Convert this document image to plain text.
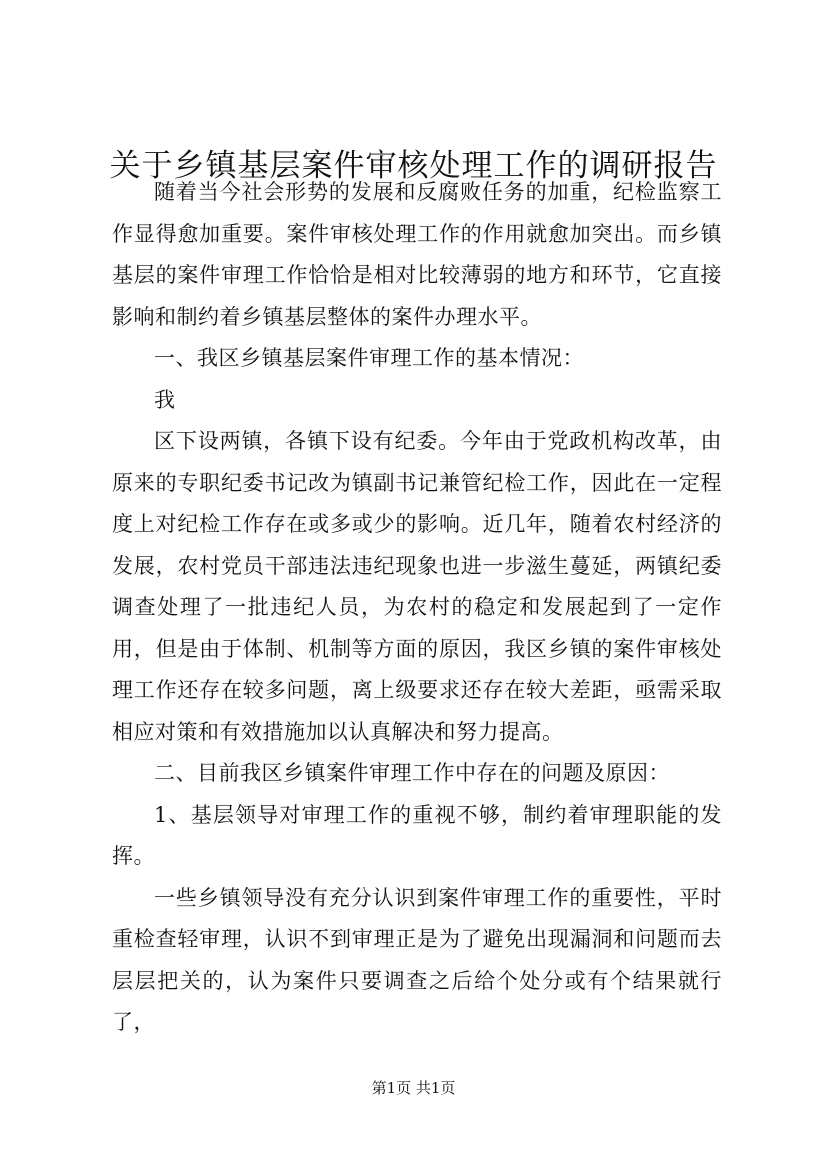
关于乡镇基层案件审核处理工作的调研报告

随着当今社会形势的发展和反腐败任务的加重，纪检监察工作显得愈加重要。案件审核处理工作的作用就愈加突出。而乡镇基层的案件审理工作恰恰是相对比较薄弱的地方和环节，它直接影响和制约着乡镇基层整体的案件办理水平。

一、我区乡镇基层案件审理工作的基本情况：

我

区下设两镇，各镇下设有纪委。今年由于党政机构改革，由原来的专职纪委书记改为镇副书记兼管纪检工作，因此在一定程度上对纪检工作存在或多或少的影响。近几年，随着农村经济的发展，农村党员干部违法违纪现象也进一步滋生蔓延，两镇纪委调查处理了一批违纪人员，为农村的稳定和发展起到了一定作用，但是由于体制、机制等方面的原因，我区乡镇的案件审核处理工作还存在较多问题，离上级要求还存在较大差距，亟需采取相应对策和有效措施加以认真解决和努力提高。

二、目前我区乡镇案件审理工作中存在的问题及原因：

1、基层领导对审理工作的重视不够，制约着审理职能的发挥。

一些乡镇领导没有充分认识到案件审理工作的重要性，平时重检查轻审理，认识不到审理正是为了避免出现漏洞和问题而去层层把关的，认为案件只要调查之后给个处分或有个结果就行了，

第1页 共1页
